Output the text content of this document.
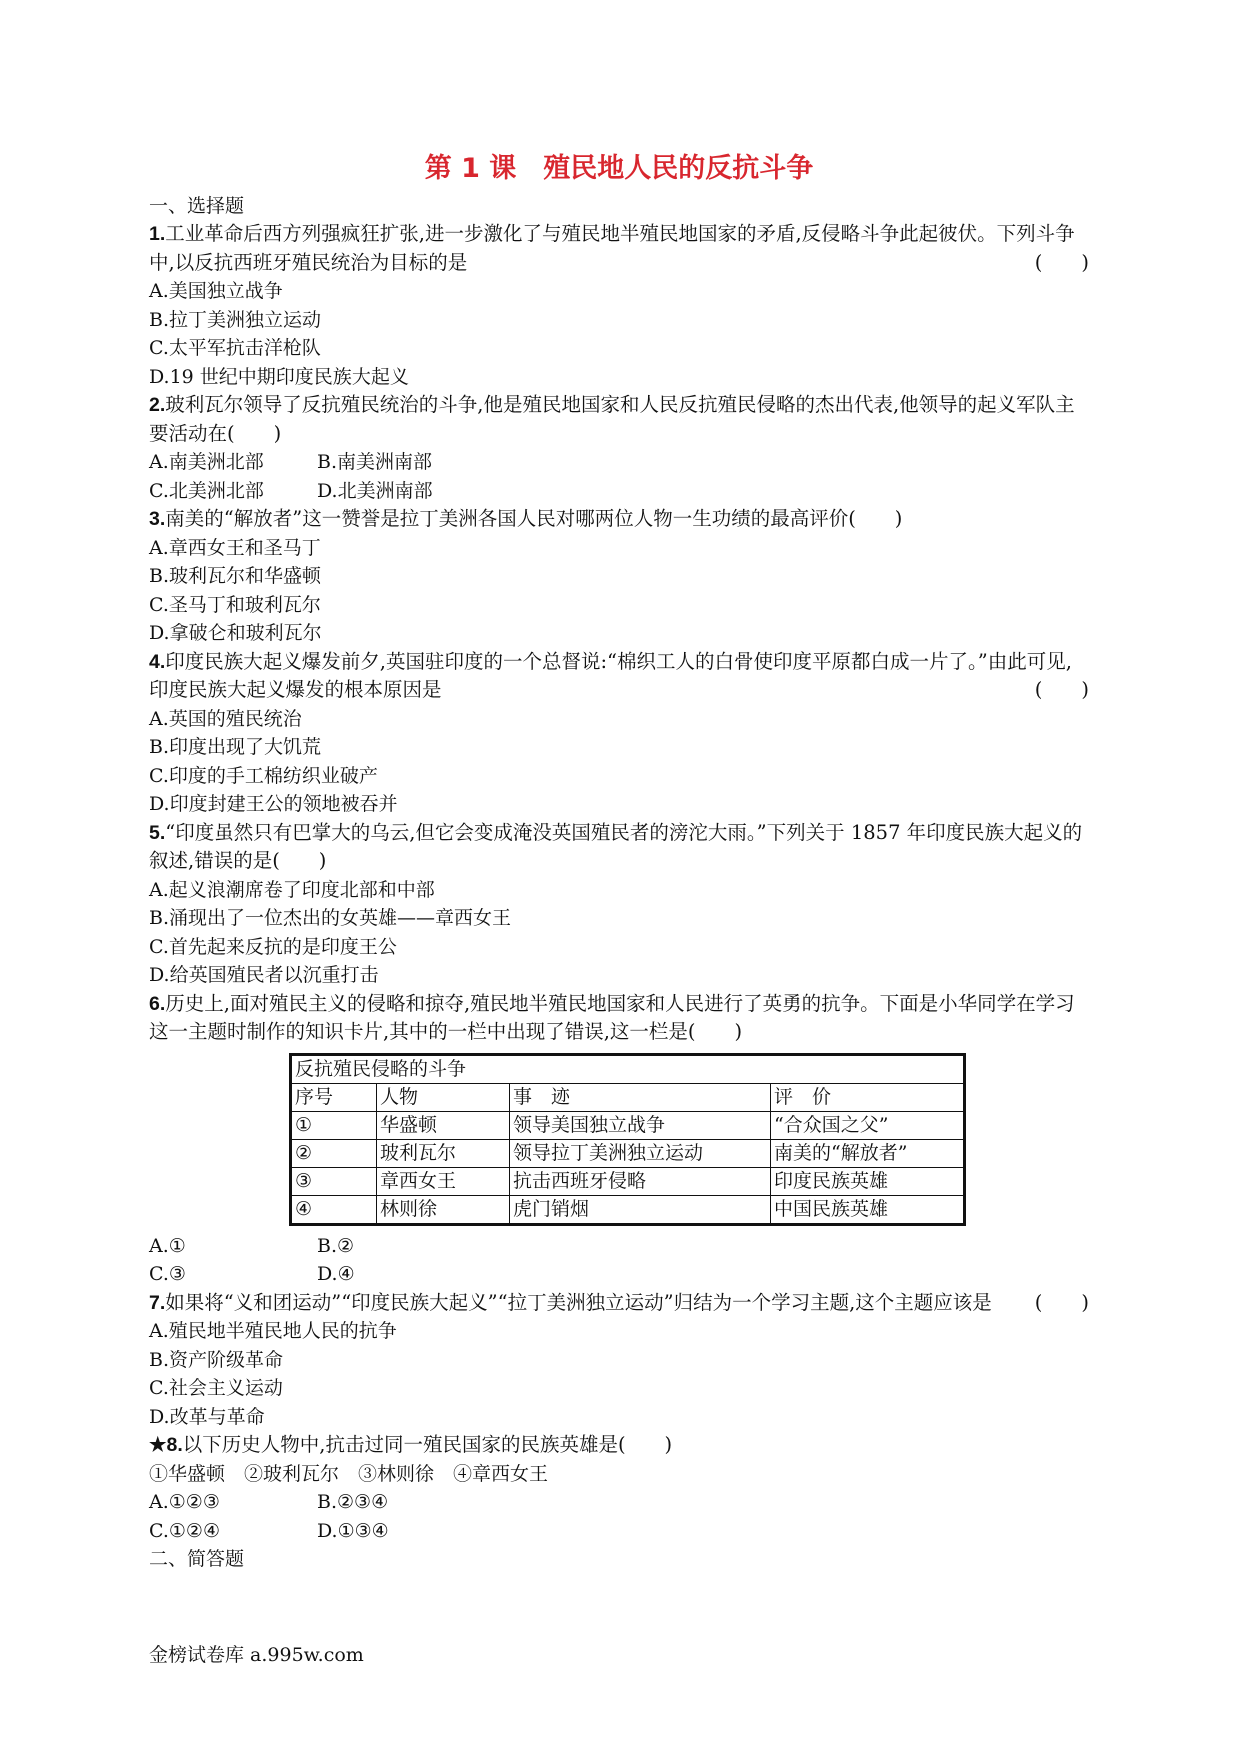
第 1 课　殖民地人民的反抗斗争
一、选择题
1.工业革命后西方列强疯狂扩张,进一步激化了与殖民地半殖民地国家的矛盾,反侵略斗争此起彼伏。下列斗争中,以反抗西班牙殖民统治为目标的是	(　　)
A.美国独立战争
B.拉丁美洲独立运动
C.太平军抗击洋枪队
D.19 世纪中期印度民族大起义
2.玻利瓦尔领导了反抗殖民统治的斗争,他是殖民地国家和人民反抗殖民侵略的杰出代表,他领导的起义军队主要活动在(　　)
A.南美洲北部	B.南美洲南部
C.北美洲北部	D.北美洲南部
3.南美的“解放者”这一赞誉是拉丁美洲各国人民对哪两位人物一生功绩的最高评价(　　)
A.章西女王和圣马丁
B.玻利瓦尔和华盛顿
C.圣马丁和玻利瓦尔
D.拿破仑和玻利瓦尔
4.印度民族大起义爆发前夕,英国驻印度的一个总督说:“棉织工人的白骨使印度平原都白成一片了。”由此可见,印度民族大起义爆发的根本原因是	(　　)
A.英国的殖民统治
B.印度出现了大饥荒
C.印度的手工棉纺织业破产
D.印度封建王公的领地被吞并
5.“印度虽然只有巴掌大的乌云,但它会变成淹没英国殖民者的滂沱大雨。”下列关于 1857 年印度民族大起义的叙述,错误的是(　　)
A.起义浪潮席卷了印度北部和中部
B.涌现出了一位杰出的女英雄——章西女王
C.首先起来反抗的是印度王公
D.给英国殖民者以沉重打击
6.历史上,面对殖民主义的侵略和掠夺,殖民地半殖民地国家和人民进行了英勇的抗争。下面是小华同学在学习这一主题时制作的知识卡片,其中的一栏中出现了错误,这一栏是(　　)
反抗殖民侵略的斗争			
序号	人物	事　迹	评　价
①	华盛顿	领导美国独立战争	“合众国之父”
②	玻利瓦尔	领导拉丁美洲独立运动	南美的“解放者”
③	章西女王	抗击西班牙侵略	印度民族英雄
④	林则徐	虎门销烟	中国民族英雄
A.①	B.②
C.③	D.④
7.如果将“义和团运动”“印度民族大起义”“拉丁美洲独立运动”归结为一个学习主题,这个主题应该是 (　　)
A.殖民地半殖民地人民的抗争
B.资产阶级革命
C.社会主义运动
D.改革与革命
★8.以下历史人物中,抗击过同一殖民国家的民族英雄是(　　)
①华盛顿　②玻利瓦尔　③林则徐　④章西女王
A.①②③	B.②③④
C.①②④	D.①③④
二、简答题
金榜试卷库 a.995w.com
